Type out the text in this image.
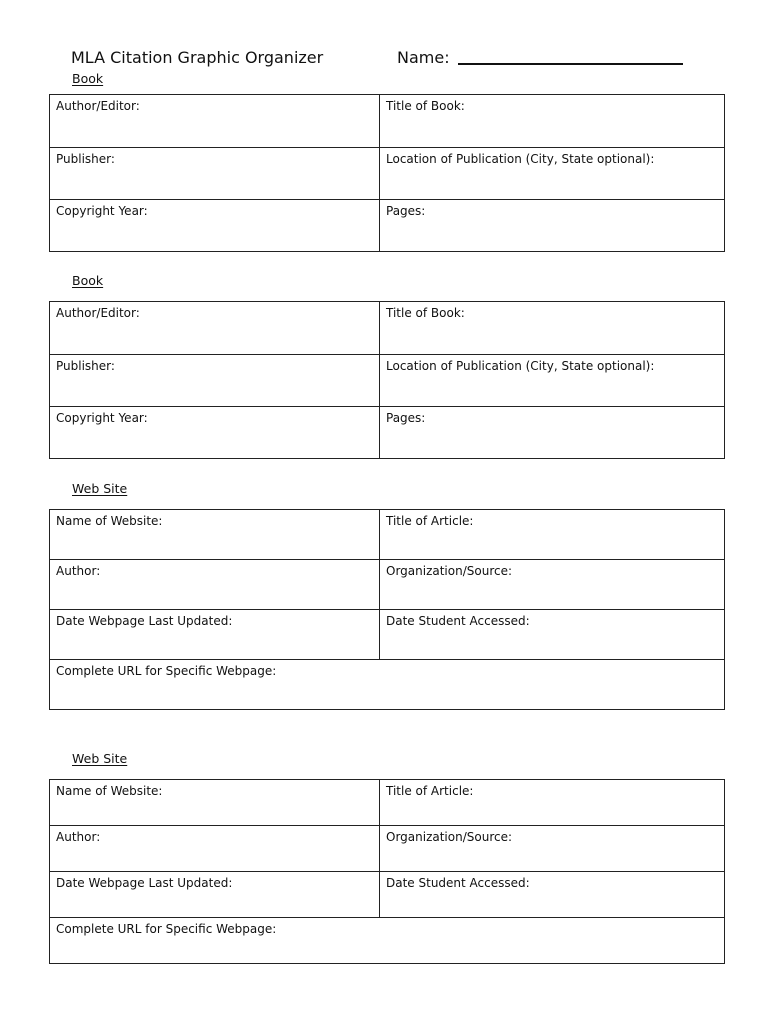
MLA Citation Graphic Organizer	Name:
Book
Author/Editor:	Title of Book:
Publisher:	Location of Publication (City, State optional):
Copyright Year:	Pages:
Book
Author/Editor:	Title of Book:
Publisher:	Location of Publication (City, State optional):
Copyright Year:	Pages:
Web Site
Name of Website:	Title of Article:
Author:	Organization/Source:
Date Webpage Last Updated:	Date Student Accessed:
Complete URL for Specific Webpage:	
Web Site
Name of Website:	Title of Article:
Author:	Organization/Source:
Date Webpage Last Updated:	Date Student Accessed:
Complete URL for Specific Webpage:	
